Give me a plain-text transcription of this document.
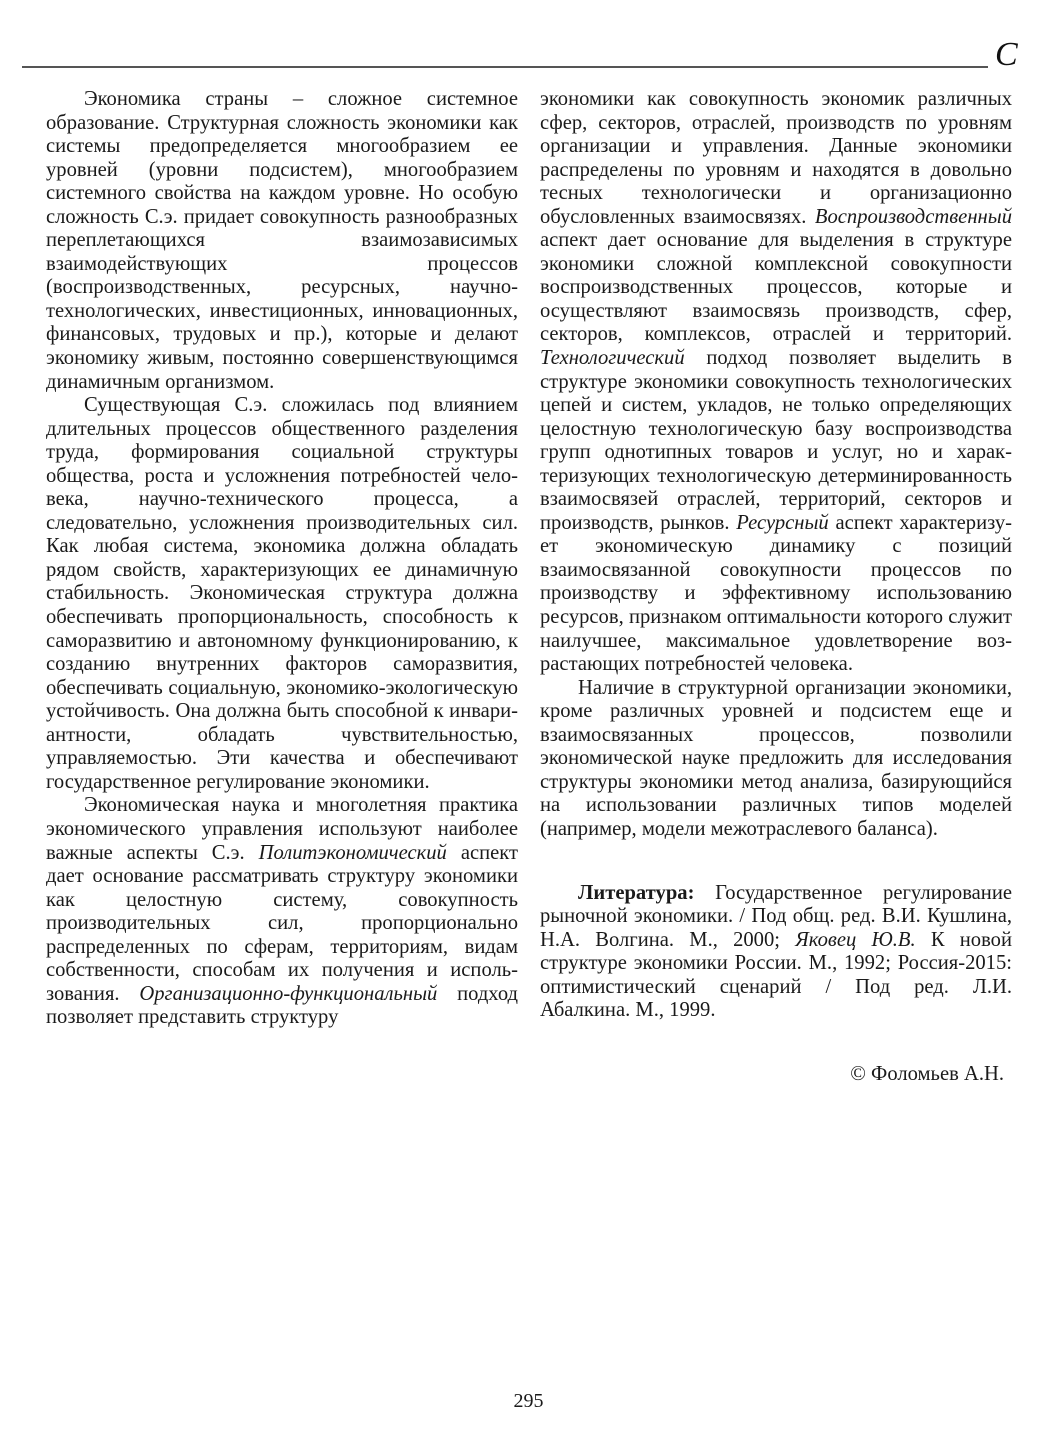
С

Экономика страны – сложное системное образование. Структурная сложность экономики как системы предопределяется многообразием ее уровней (уровни подсистем), многообразием системного свойства на каждом уровне. Но особую сложность С.э. придает совокупность разнообразных переплетающихся взаимозависимых взаимодействующих процессов (воспроизводственных, ресурсных, научно-технологических, инвестиционных, инновационных, финансовых, трудовых и пр.), которые и делают экономику живым, постоянно совершенствующимся динамичным организмом.

Существующая С.э. сложилась под влиянием длительных процессов общественного разделения труда, формирования социальной структуры общества, роста и усложнения потребностей человека, научно-технического процесса, а следовательно, усложнения производительных сил. Как любая система, экономика должна обладать рядом свойств, характеризующих ее динамичную стабильность. Экономическая структура должна обеспечивать пропорциональность, способность к саморазвитию и автономному функционированию, к созданию внутренних факторов саморазвития, обеспечивать социальную, экономико-экологическую устойчивость. Она должна быть способной к инвариантности, обладать чувствительностью, управляемостью. Эти качества и обеспечивают государственное регулирование экономики.

Экономическая наука и многолетняя практика экономического управления используют наиболее важные аспекты С.э. Политэкономический аспект дает основание рассматривать структуру экономики как целостную систему, совокупность производительных сил, пропорционально распределенных по сферам, территориям, видам собственности, способам их получения и использования. Организационно-функциональный подход позволяет представить структуру

экономики как совокупность экономик различных сфер, секторов, отраслей, производств по уровням организации и управления. Данные экономики распределены по уровням и находятся в довольно тесных технологически и организационно обусловленных взаимосвязях. Воспроизводственный аспект дает основание для выделения в структуре экономики сложной комплексной совокупности воспроизводственных процессов, которые и осуществляют взаимосвязь производств, сфер, секторов, комплексов, отраслей и территорий. Технологический подход позволяет выделить в структуре экономики совокупность технологических цепей и систем, укладов, не только определяющих целостную технологическую базу воспроизводства групп однотипных товаров и услуг, но и характеризующих технологическую детерминированность взаимосвязей отраслей, территорий, секторов и производств, рынков. Ресурсный аспект характеризует экономическую динамику с позиций взаимосвязанной совокупности процессов по производству и эффективному использованию ресурсов, признаком оптимальности которого служит наилучшее, максимальное удовлетворение возрастающих потребностей человека.

Наличие в структурной организации экономики, кроме различных уровней и подсистем еще и взаимосвязанных процессов, позволили экономической науке предложить для исследования структуры экономики метод анализа, базирующийся на использовании различных типов моделей (например, модели межотраслевого баланса).

Литература: Государственное регулирование рыночной экономики. / Под общ. ред. В.И. Кушлина, Н.А. Волгина. М., 2000; Яковец Ю.В. К новой структуре экономики России. М., 1992; Россия-2015: оптимистический сценарий / Под ред. Л.И. Абалкина. М., 1999.

© Фоломьев А.Н.

295
